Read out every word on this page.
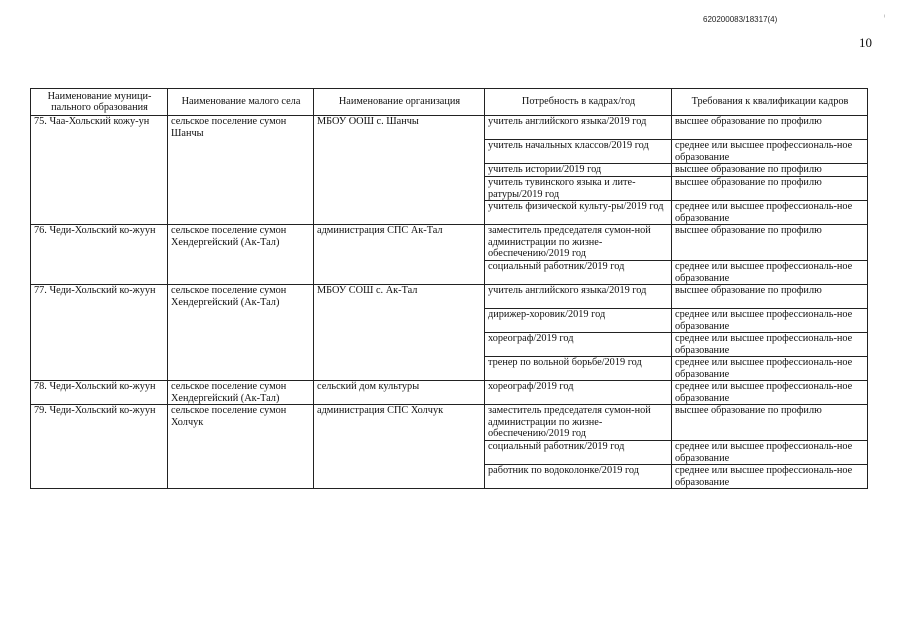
620200083/18317(4)	ⁱ
10
Наименование муници-пального образования	Наименование малого села	Наименование организация	Потребность в кадрах/год	Требования к квалификации кадров
75. Чаа-Хольский кожу-ун	сельское поселение сумон Шанчы	МБОУ ООШ с. Шанчы	учитель английского языка/2019 год	высшее образование по профилю
			учитель начальных классов/2019 год	среднее или высшее профессиональ-ное образование
			учитель истории/2019 год	высшее образование по профилю
			учитель тувинского языка и лите-ратуры/2019 год	высшее образование по профилю
			учитель физической культу-ры/2019 год	среднее или высшее профессиональ-ное образование
76. Чеди-Хольский ко-жуун	сельское поселение сумон Хендергейский (Ак-Тал)	администрация СПС Ак-Тал	заместитель председателя сумон-ной администрации по жизне-обеспечению/2019 год	высшее образование по профилю
			социальный работник/2019 год	среднее или высшее профессиональ-ное образование
77. Чеди-Хольский ко-жуун	сельское поселение сумон Хендергейский (Ак-Тал)	МБОУ СОШ с. Ак-Тал	учитель английского языка/2019 год	высшее образование по профилю
			дирижер-хоровик/2019 год	среднее или высшее профессиональ-ное образование
			хореограф/2019 год	среднее или высшее профессиональ-ное образование
			тренер по вольной борьбе/2019 год	среднее или высшее профессиональ-ное образование
78. Чеди-Хольский ко-жуун	сельское поселение сумон Хендергейский (Ак-Тал)	сельский дом культуры	хореограф/2019 год	среднее или высшее профессиональ-ное образование
79. Чеди-Хольский ко-жуун	сельское поселение сумон Холчук	администрация СПС Холчук	заместитель председателя сумон-ной администрации по жизне-обеспечению/2019 год	высшее образование по профилю
			социальный работник/2019 год	среднее или высшее профессиональ-ное образование
			работник по водоколонке/2019 год	среднее или высшее профессиональ-ное образование
